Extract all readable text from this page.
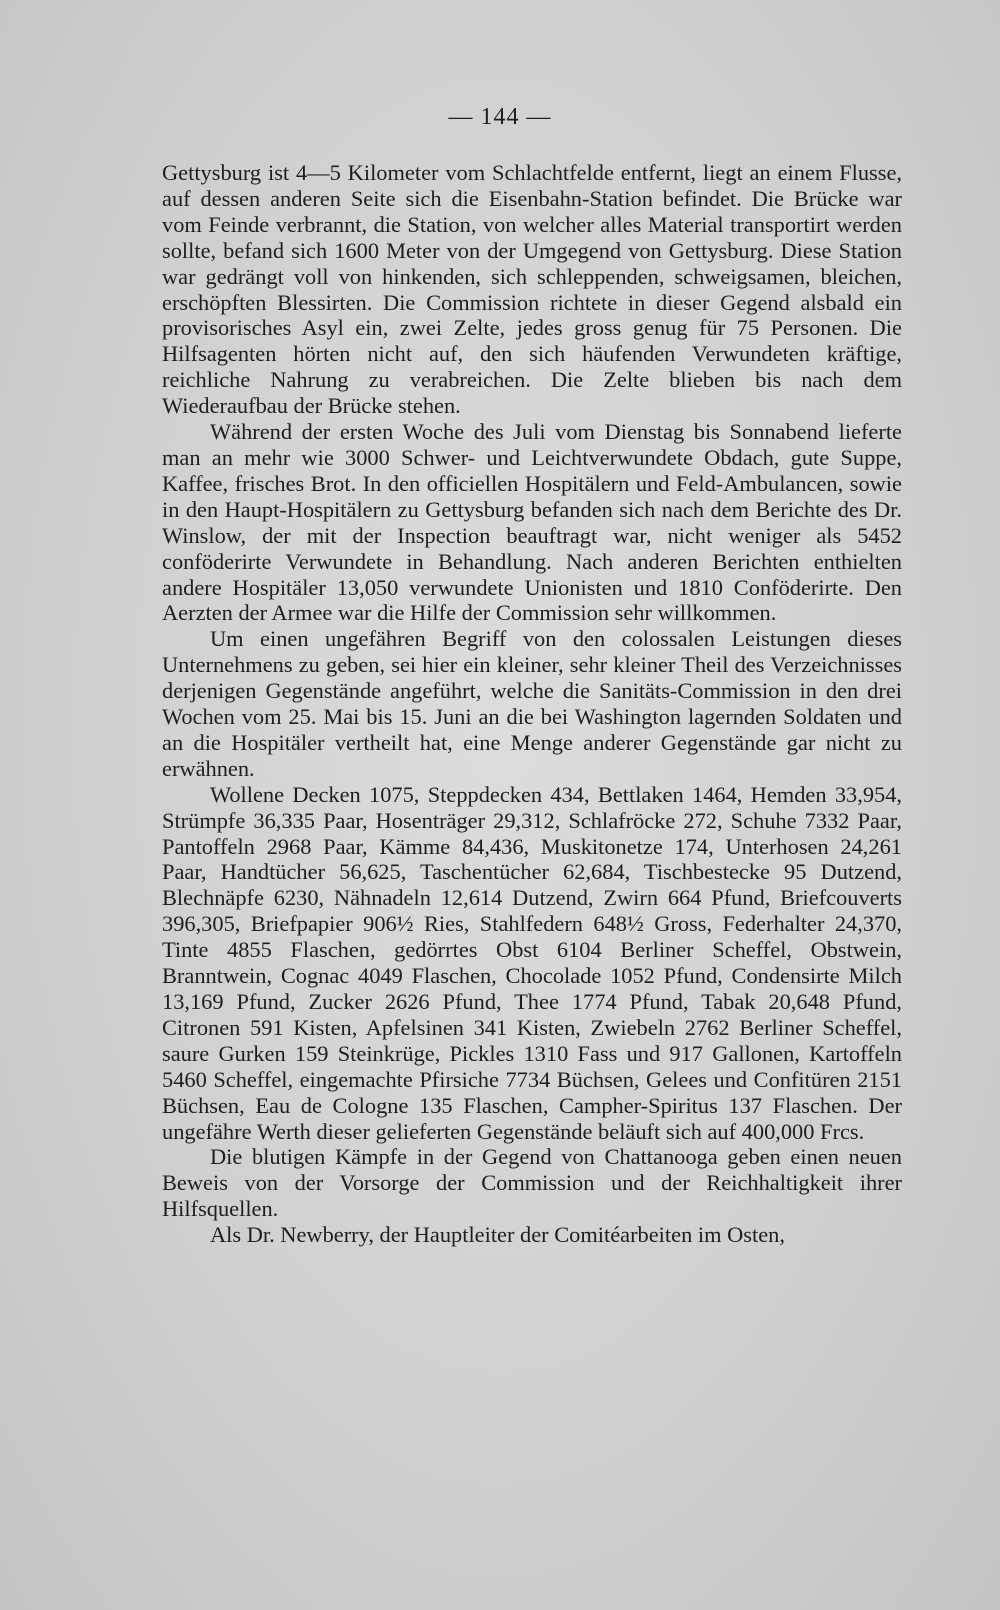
— 144 —

Gettysburg ist 4—5 Kilometer vom Schlachtfelde entfernt, liegt an einem Flusse, auf dessen anderen Seite sich die Eisenbahn-Station befindet. Die Brücke war vom Feinde verbrannt, die Station, von welcher alles Material transportirt werden sollte, befand sich 1600 Meter von der Umgegend von Gettysburg. Diese Station war gedrängt voll von hinkenden, sich schleppenden, schweigsamen, bleichen, erschöpften Blessirten. Die Commission richtete in dieser Gegend alsbald ein provisorisches Asyl ein, zwei Zelte, jedes gross genug für 75 Personen. Die Hilfsagenten hörten nicht auf, den sich häufenden Verwundeten kräftige, reichliche Nahrung zu verabreichen. Die Zelte blieben bis nach dem Wiederaufbau der Brücke stehen.

Während der ersten Woche des Juli vom Dienstag bis Sonnabend lieferte man an mehr wie 3000 Schwer- und Leichtverwundete Obdach, gute Suppe, Kaffee, frisches Brot. In den officiellen Hospitälern und Feld-Ambulancen, sowie in den Haupt-Hospitälern zu Gettysburg befanden sich nach dem Berichte des Dr. Winslow, der mit der Inspection beauftragt war, nicht weniger als 5452 conföderirte Verwundete in Behandlung. Nach anderen Berichten enthielten andere Hospitäler 13,050 verwundete Unionisten und 1810 Conföderirte. Den Aerzten der Armee war die Hilfe der Commission sehr willkommen.

Um einen ungefähren Begriff von den colossalen Leistungen dieses Unternehmens zu geben, sei hier ein kleiner, sehr kleiner Theil des Verzeichnisses derjenigen Gegenstände angeführt, welche die Sanitäts-Commission in den drei Wochen vom 25. Mai bis 15. Juni an die bei Washington lagernden Soldaten und an die Hospitäler vertheilt hat, eine Menge anderer Gegenstände gar nicht zu erwähnen.

Wollene Decken 1075, Steppdecken 434, Bettlaken 1464, Hemden 33,954, Strümpfe 36,335 Paar, Hosenträger 29,312, Schlafröcke 272, Schuhe 7332 Paar, Pantoffeln 2968 Paar, Kämme 84,436, Muskitonetze 174, Unterhosen 24,261 Paar, Handtücher 56,625, Taschentücher 62,684, Tischbestecke 95 Dutzend, Blechnäpfe 6230, Nähnadeln 12,614 Dutzend, Zwirn 664 Pfund, Briefcouverts 396,305, Briefpapier 906½ Ries, Stahlfedern 648½ Gross, Federhalter 24,370, Tinte 4855 Flaschen, gedörrtes Obst 6104 Berliner Scheffel, Obstwein, Branntwein, Cognac 4049 Flaschen, Chocolade 1052 Pfund, Condensirte Milch 13,169 Pfund, Zucker 2626 Pfund, Thee 1774 Pfund, Tabak 20,648 Pfund, Citronen 591 Kisten, Apfelsinen 341 Kisten, Zwiebeln 2762 Berliner Scheffel, saure Gurken 159 Steinkrüge, Pickles 1310 Fass und 917 Gallonen, Kartoffeln 5460 Scheffel, eingemachte Pfirsiche 7734 Büchsen, Gelees und Confitüren 2151 Büchsen, Eau de Cologne 135 Flaschen, Campher-Spiritus 137 Flaschen. Der ungefähre Werth dieser gelieferten Gegenstände beläuft sich auf 400,000 Frcs.

Die blutigen Kämpfe in der Gegend von Chattanooga geben einen neuen Beweis von der Vorsorge der Commission und der Reichhaltigkeit ihrer Hilfsquellen.

Als Dr. Newberry, der Hauptleiter der Comitéarbeiten im Osten,
